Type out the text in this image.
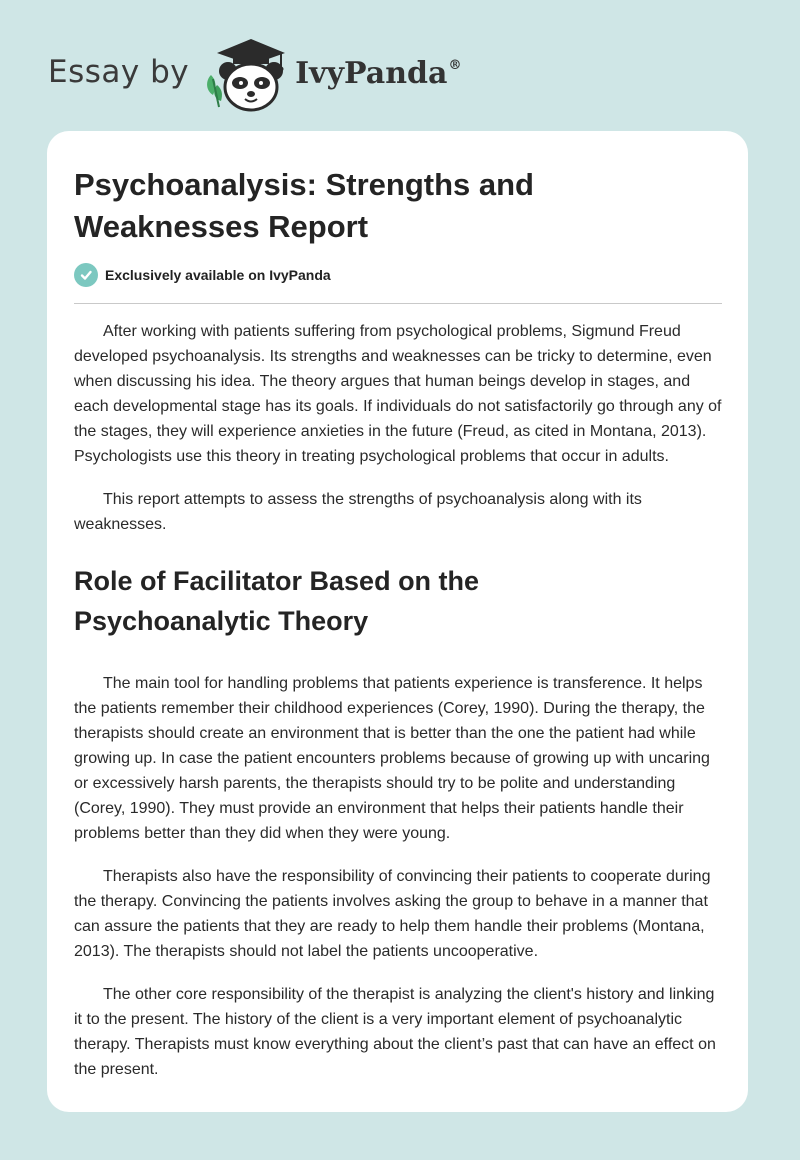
Essay by	IvyPanda®
Psychoanalysis: Strengths and Weaknesses Report
Exclusively available on IvyPanda

After working with patients suffering from psychological problems, Sigmund Freud developed psychoanalysis. Its strengths and weaknesses can be tricky to determine, even when discussing his idea. The theory argues that human beings develop in stages, and each developmental stage has its goals. If individuals do not satisfactorily go through any of the stages, they will experience anxieties in the future (Freud, as cited in Montana, 2013). Psychologists use this theory in treating psychological problems that occur in adults.

This report attempts to assess the strengths of psychoanalysis along with its weaknesses.

Role of Facilitator Based on the Psychoanalytic Theory

The main tool for handling problems that patients experience is transference. It helps the patients remember their childhood experiences (Corey, 1990). During the therapy, the therapists should create an environment that is better than the one the patient had while growing up. In case the patient encounters problems because of growing up with uncaring or excessively harsh parents, the therapists should try to be polite and understanding (Corey, 1990). They must provide an environment that helps their patients handle their problems better than they did when they were young.

Therapists also have the responsibility of convincing their patients to cooperate during the therapy. Convincing the patients involves asking the group to behave in a manner that can assure the patients that they are ready to help them handle their problems (Montana, 2013). The therapists should not label the patients uncooperative.

The other core responsibility of the therapist is analyzing the client's history and linking it to the present. The history of the client is a very important element of psychoanalytic therapy. Therapists must know everything about the client’s past that can have an effect on the present.
